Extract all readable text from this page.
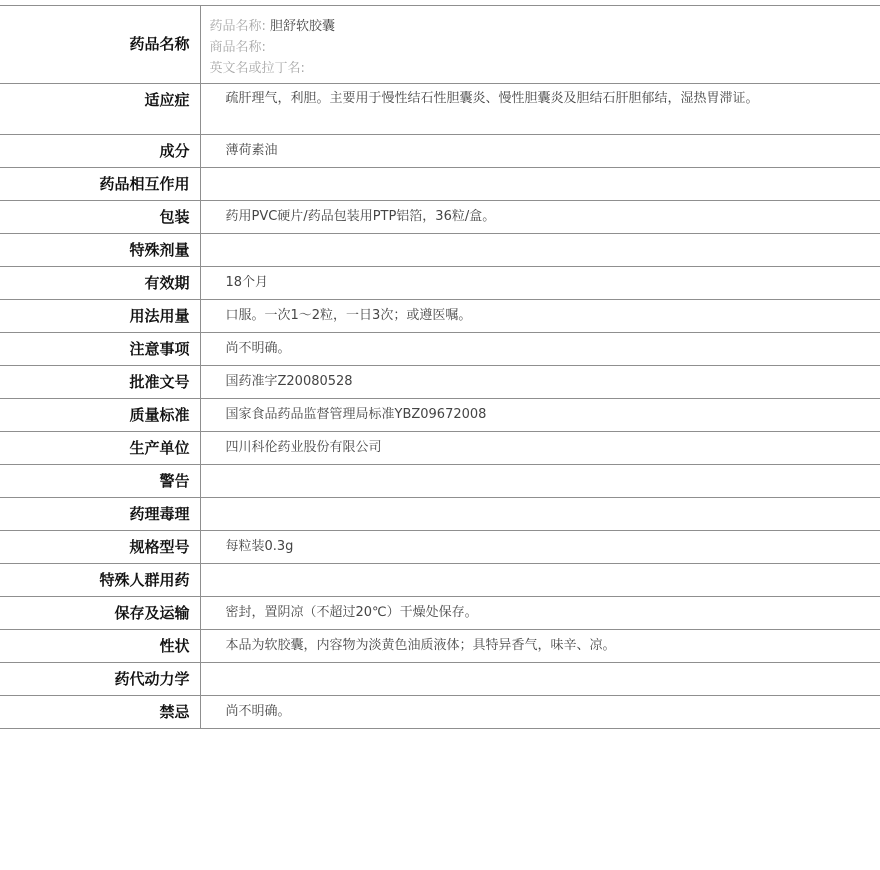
药品名称	药品名称: 胆舒软胶囊
商品名称:
英文名或拉丁名:

适应症	疏肝理气，利胆。主要用于慢性结石性胆囊炎、慢性胆囊炎及胆结石肝胆郁结，湿热胃滞证。
成分	薄荷素油
药品相互作用	
包装	药用PVC硬片/药品包装用PTP铝箔，36粒/盒。
特殊剂量	
有效期	18个月
用法用量	口服。一次1～2粒，一日3次；或遵医嘱。
注意事项	尚不明确。
批准文号	国药准字Z20080528
质量标准	国家食品药品监督管理局标准YBZ09672008
生产单位	四川科伦药业股份有限公司
警告	
药理毒理	
规格型号	每粒装0.3g
特殊人群用药	
保存及运输	密封，置阴凉（不超过20℃）干燥处保存。
性状	本品为软胶囊，内容物为淡黄色油质液体；具特异香气，味辛、凉。
药代动力学	
禁忌	尚不明确。
